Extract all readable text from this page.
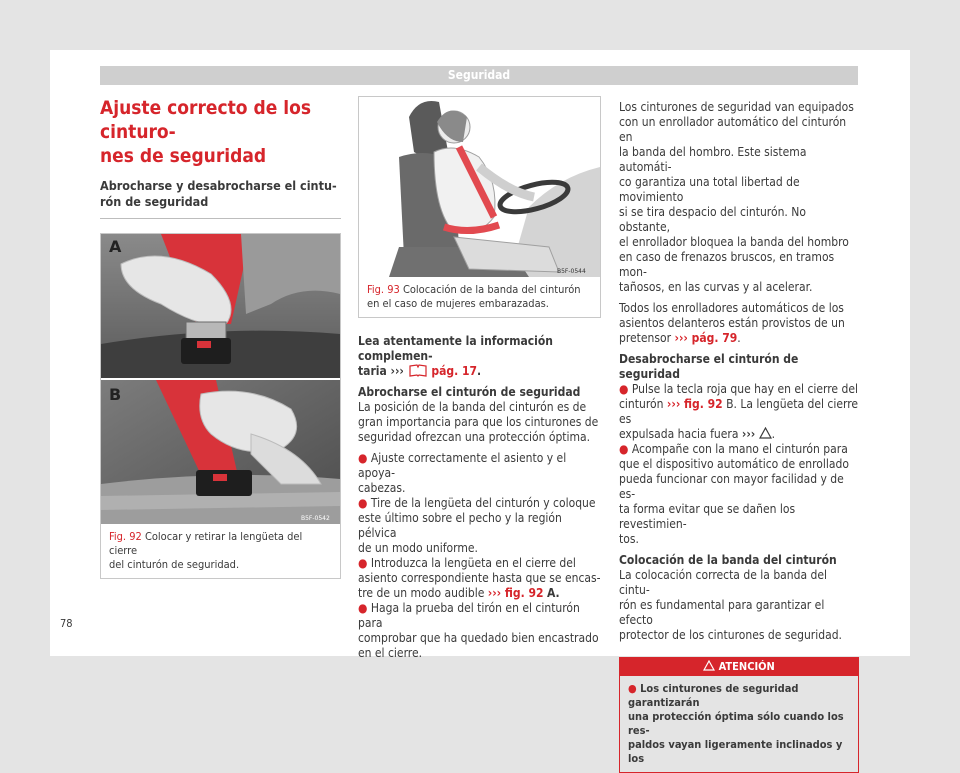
Seguridad
Ajuste correcto de los cinturo-
nes de seguridad
Abrocharse y desabrocharse el cintu-
rón de seguridad
A
B
B5F-0542
Fig. 92 Colocar y retirar la lengüeta del cierre
del cinturón de seguridad.
B5F-0544
Fig. 93 Colocación de la banda del cinturón
en el caso de mujeres embarazadas.

Lea atentamente la información complemen-
taria ››› pág. 17.

Abrocharse el cinturón de seguridad

La posición de la banda del cinturón es de
gran importancia para que los cinturones de
seguridad ofrezcan una protección óptima.

● Ajuste correctamente el asiento y el apoya-
cabezas.

● Tire de la lengüeta del cinturón y coloque
este último sobre el pecho y la región pélvica
de un modo uniforme.

● Introduzca la lengüeta en el cierre del
asiento correspondiente hasta que se encas-
tre de un modo audible ››› fig. 92 A.

● Haga la prueba del tirón en el cinturón para
comprobar que ha quedado bien encastrado
en el cierre.

Los cinturones de seguridad van equipados
con un enrollador automático del cinturón en
la banda del hombro. Este sistema automáti-
co garantiza una total libertad de movimiento
si se tira despacio del cinturón. No obstante,
el enrollador bloquea la banda del hombro
en caso de frenazos bruscos, en tramos mon-
tañosos, en las curvas y al acelerar.

Todos los enrolladores automáticos de los
asientos delanteros están provistos de un
pretensor ››› pág. 79.

Desabrocharse el cinturón de seguridad

● Pulse la tecla roja que hay en el cierre del
cinturón ››› fig. 92 B. La lengüeta del cierre es
expulsada hacia fuera ››› .

● Acompañe con la mano el cinturón para
que el dispositivo automático de enrollado
pueda funcionar con mayor facilidad y de es-
ta forma evitar que se dañen los revestimien-
tos.

Colocación de la banda del cinturón

La colocación correcta de la banda del cintu-
rón es fundamental para garantizar el efecto
protector de los cinturones de seguridad.

ATENCIÓN
● Los cinturones de seguridad garantizarán
una protección óptima sólo cuando los res-
paldos vayan ligeramente inclinados y los
78
